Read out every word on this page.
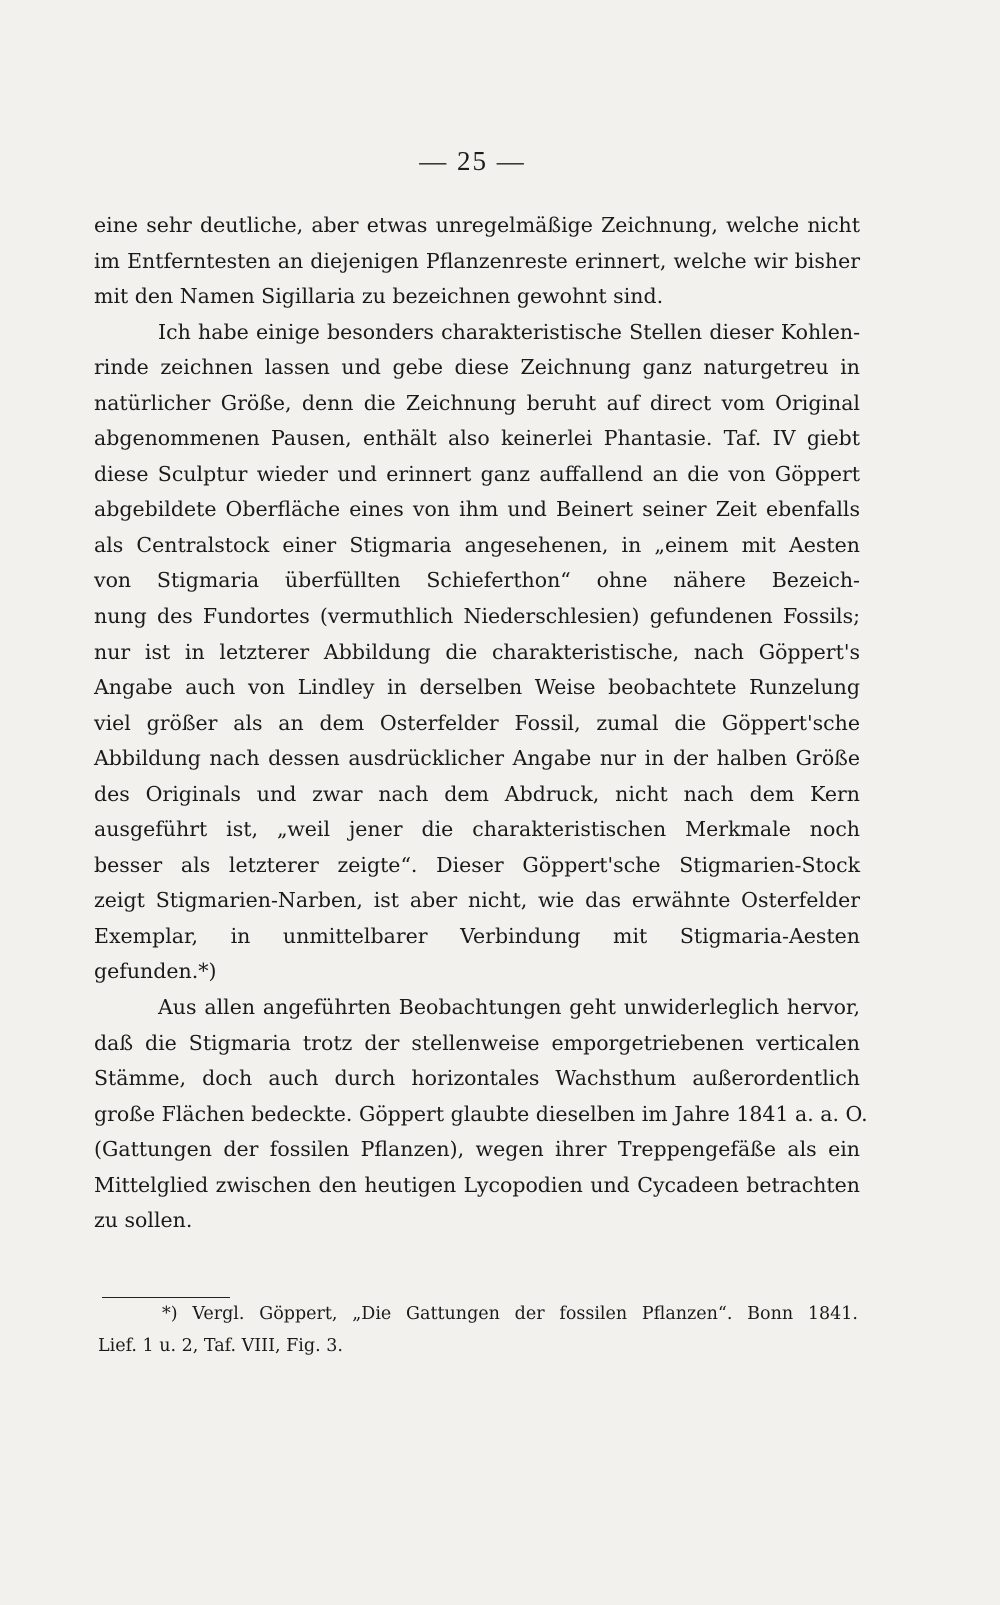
— 25 —
eine sehr deutliche, aber etwas unregelmäßige Zeichnung, welche nicht
im Entferntesten an diejenigen Pflanzenreste erinnert, welche wir bisher
mit den Namen Sigillaria zu bezeichnen gewohnt sind.
Ich habe einige besonders charakteristische Stellen dieser Kohlen-
rinde zeichnen lassen und gebe diese Zeichnung ganz naturgetreu in
natürlicher Größe, denn die Zeichnung beruht auf direct vom Original
abgenommenen Pausen, enthält also keinerlei Phantasie. Taf. IV giebt
diese Sculptur wieder und erinnert ganz auffallend an die von Göppert
abgebildete Oberfläche eines von ihm und Beinert seiner Zeit ebenfalls
als Centralstock einer Stigmaria angesehenen, in „einem mit Aesten
von Stigmaria überfüllten Schieferthon“ ohne nähere Bezeich-
nung des Fundortes (vermuthlich Niederschlesien) gefundenen Fossils;
nur ist in letzterer Abbildung die charakteristische, nach Göppert's
Angabe auch von Lindley in derselben Weise beobachtete Runzelung
viel größer als an dem Osterfelder Fossil, zumal die Göppert'sche
Abbildung nach dessen ausdrücklicher Angabe nur in der halben Größe
des Originals und zwar nach dem Abdruck, nicht nach dem Kern
ausgeführt ist, „weil jener die charakteristischen Merkmale noch
besser als letzterer zeigte“. Dieser Göppert'sche Stigmarien-Stock
zeigt Stigmarien-Narben, ist aber nicht, wie das erwähnte Osterfelder
Exemplar, in unmittelbarer Verbindung mit Stigmaria-Aesten
gefunden.*)
Aus allen angeführten Beobachtungen geht unwiderleglich hervor,
daß die Stigmaria trotz der stellenweise emporgetriebenen verticalen
Stämme, doch auch durch horizontales Wachsthum außerordentlich
große Flächen bedeckte. Göppert glaubte dieselben im Jahre 1841 a. a. O.
(Gattungen der fossilen Pflanzen), wegen ihrer Treppengefäße als ein
Mittelglied zwischen den heutigen Lycopodien und Cycadeen betrachten
zu sollen.
*) Vergl. Göppert, „Die Gattungen der fossilen Pflanzen“. Bonn 1841.
Lief. 1 u. 2, Taf. VIII, Fig. 3.
